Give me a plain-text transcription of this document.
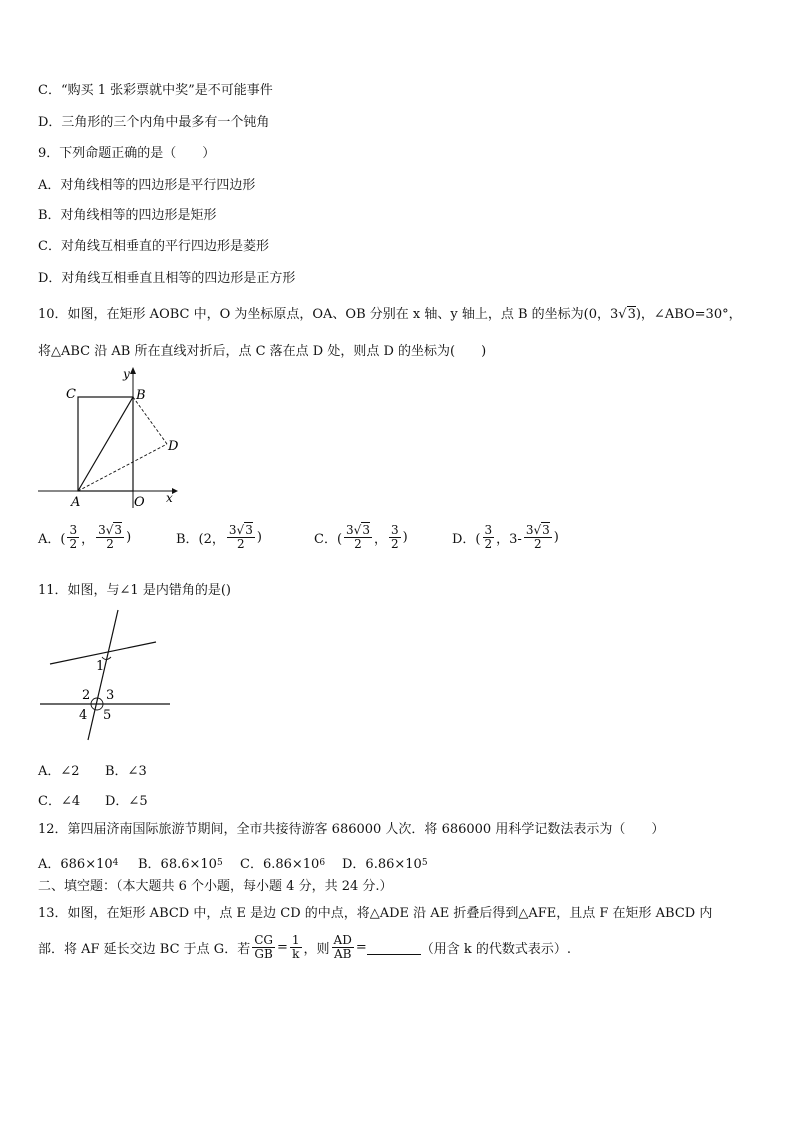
C．“购买 1 张彩票就中奖”是不可能事件
D．三角形的三个内角中最多有一个钝角
9．下列命题正确的是（　　）
A．对角线相等的四边形是平行四边形
B．对角线相等的四边形是矩形
C．对角线互相垂直的平行四边形是菱形
D．对角线互相垂直且相等的四边形是正方形
10．如图，在矩形 AOBC 中，O 为坐标原点，OA、OB 分别在 x 轴、y 轴上，点 B 的坐标为(0，3√3)，∠ABO=30°，
将△ABC 沿 AB 所在直线对折后，点 C 落在点 D 处，则点 D 的坐标为(　　)
C	B
y
D
A	O x
A．( $\frac{3}{2}$ ， $\frac{3√3}{2}$ )	B．(2， $\frac{3√3}{2}$ )	C．( $\frac{3√3}{2}$ ， $\frac{3}{2}$ )	D．( $\frac{3}{2}$ ，$3- \frac{3√3}{2}$ )
11．如图，与∠1 是内错角的是()
1
2 3
4 5
A．∠2 B．∠3
C．∠4 D．∠5
12．第四届济南国际旅游节期间，全市共接待游客 686000 人次．将 686000 用科学记数法表示为（　　）
A．686×10 4 B．68.6×10 5 C．6.86×10 6 D．6.86×10 5
二、填空题：（本大题共 6 个小题，每小题 4 分，共 24 分.）
13．如图，在矩形 ABCD 中，点 E 是边 CD 的中点，将△ADE 沿 AE 折叠后得到△AFE，且点 F 在矩形 ABCD 内
部．将 AF 延长交边 BC 于点 G．若 $\frac{CG}{GB} = \frac{1}{k}$ ，则 $\frac{AD}{AB}$ =	（用含 k 的代数式表示）.
